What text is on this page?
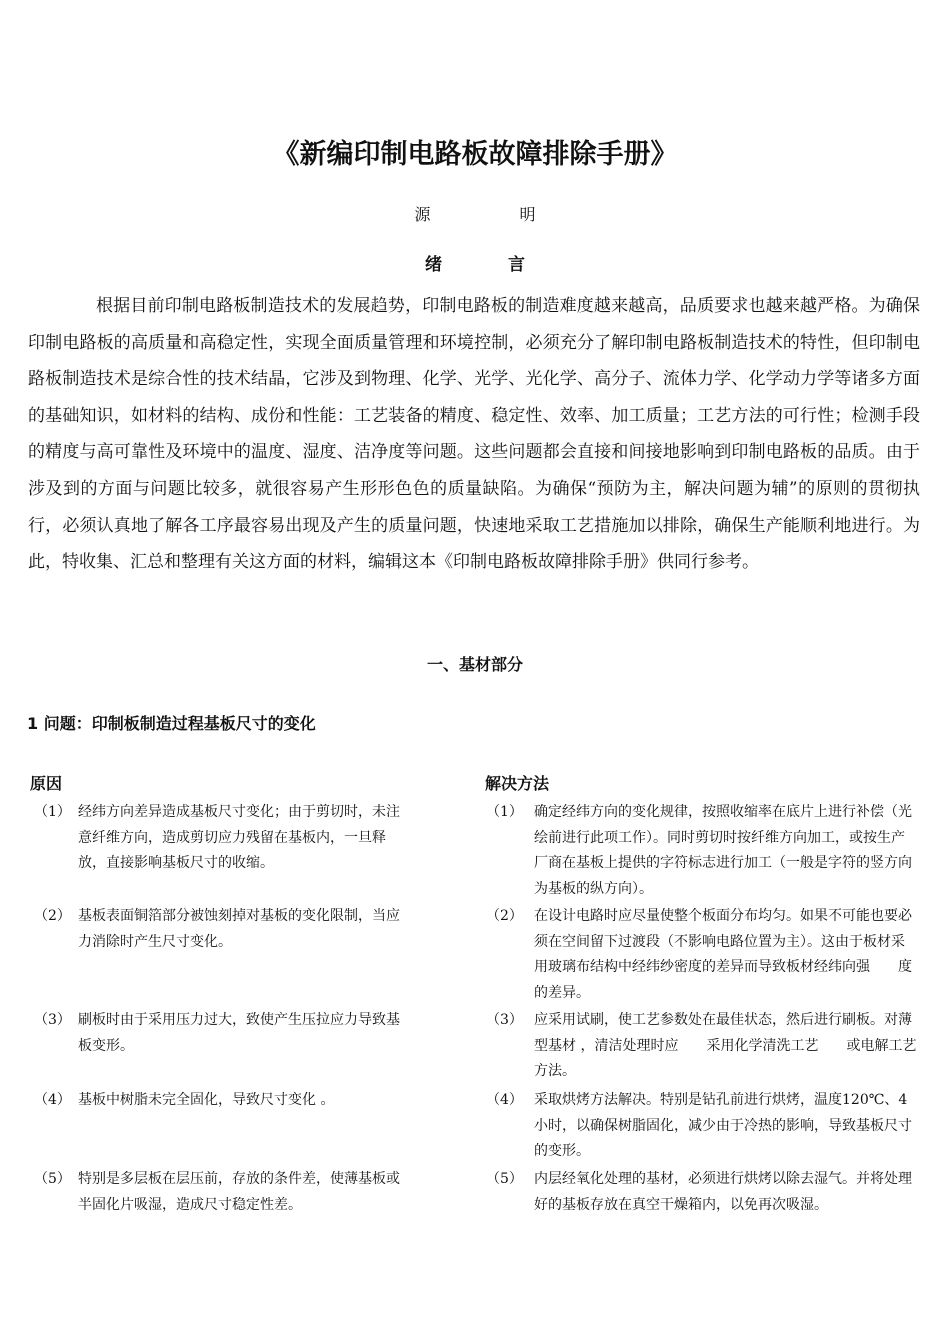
《新编印制电路板故障排除手册》
源	明
绪 言

根据目前印制电路板制造技术的发展趋势，印制电路板的制造难度越来越高，品质要求也越来越严格。为确保印制电路板的高质量和高稳定性，实现全面质量管理和环境控制，必须充分了解印制电路板制造技术的特性，但印制电路板制造技术是综合性的技术结晶，它涉及到物理、化学、光学、光化学、高分子、流体力学、化学动力学等诸多方面的基础知识，如材料的结构、成份和性能：工艺装备的精度、稳定性、效率、加工质量；工艺方法的可行性；检测手段的精度与高可靠性及环境中的温度、湿度、洁净度等问题。这些问题都会直接和间接地影响到印制电路板的品质。由于涉及到的方面与问题比较多，就很容易产生形形色色的质量缺陷。为确保“预防为主，解决问题为辅”的原则的贯彻执行，必须认真地了解各工序最容易出现及产生的质量问题，快速地采取工艺措施加以排除，确保生产能顺利地进行。为此，特收集、汇总和整理有关这方面的材料，编辑这本《印制电路板故障排除手册》供同行参考。

一、基材部分
1 问题：印制板制造过程基板尺寸的变化
原因	解决方法
（1） 经纬方向差异造成基板尺寸变化；由于剪切时，未注意纤维方向，造成剪切应力残留在基板内，一旦释放，直接影响基板尺寸的收缩。

（2） 基板表面铜箔部分被蚀刻掉对基板的变化限制，当应力消除时产生尺寸变化。

（3） 刷板时由于采用压力过大，致使产生压拉应力导致基板变形。

（4） 基板中树脂未完全固化，导致尺寸变化 。

（5） 特别是多层板在层压前，存放的条件差，使薄基板或半固化片吸湿，造成尺寸稳定性差。

（1） 确定经纬方向的变化规律，按照收缩率在底片上进行补偿（光绘前进行此项工作）。同时剪切时按纤维方向加工，或按生产厂商在基板上提供的字符标志进行加工（一般是字符的竖方向为基板的纵方向）。

（2） 在设计电路时应尽量使整个板面分布均匀。如果不可能也要必须在空间留下过渡段（不影响电路位置为主）。这由于板材采用玻璃布结构中经纬纱密度的差异而导致板材经纬向强　　度的差异。

（3） 应采用试刷，使工艺参数处在最佳状态，然后进行刷板。对薄型基材 ，清洁处理时应　　采用化学清洗工艺　　或电解工艺方法。

（4） 采取烘烤方法解决。特别是钻孔前进行烘烤，温度120℃、4小时，以确保树脂固化，减少由于冷热的影响，导致基板尺寸的变形。

（5） 内层经氧化处理的基材，必须进行烘烤以除去湿气。并将处理好的基板存放在真空干燥箱内，以免再次吸湿。
